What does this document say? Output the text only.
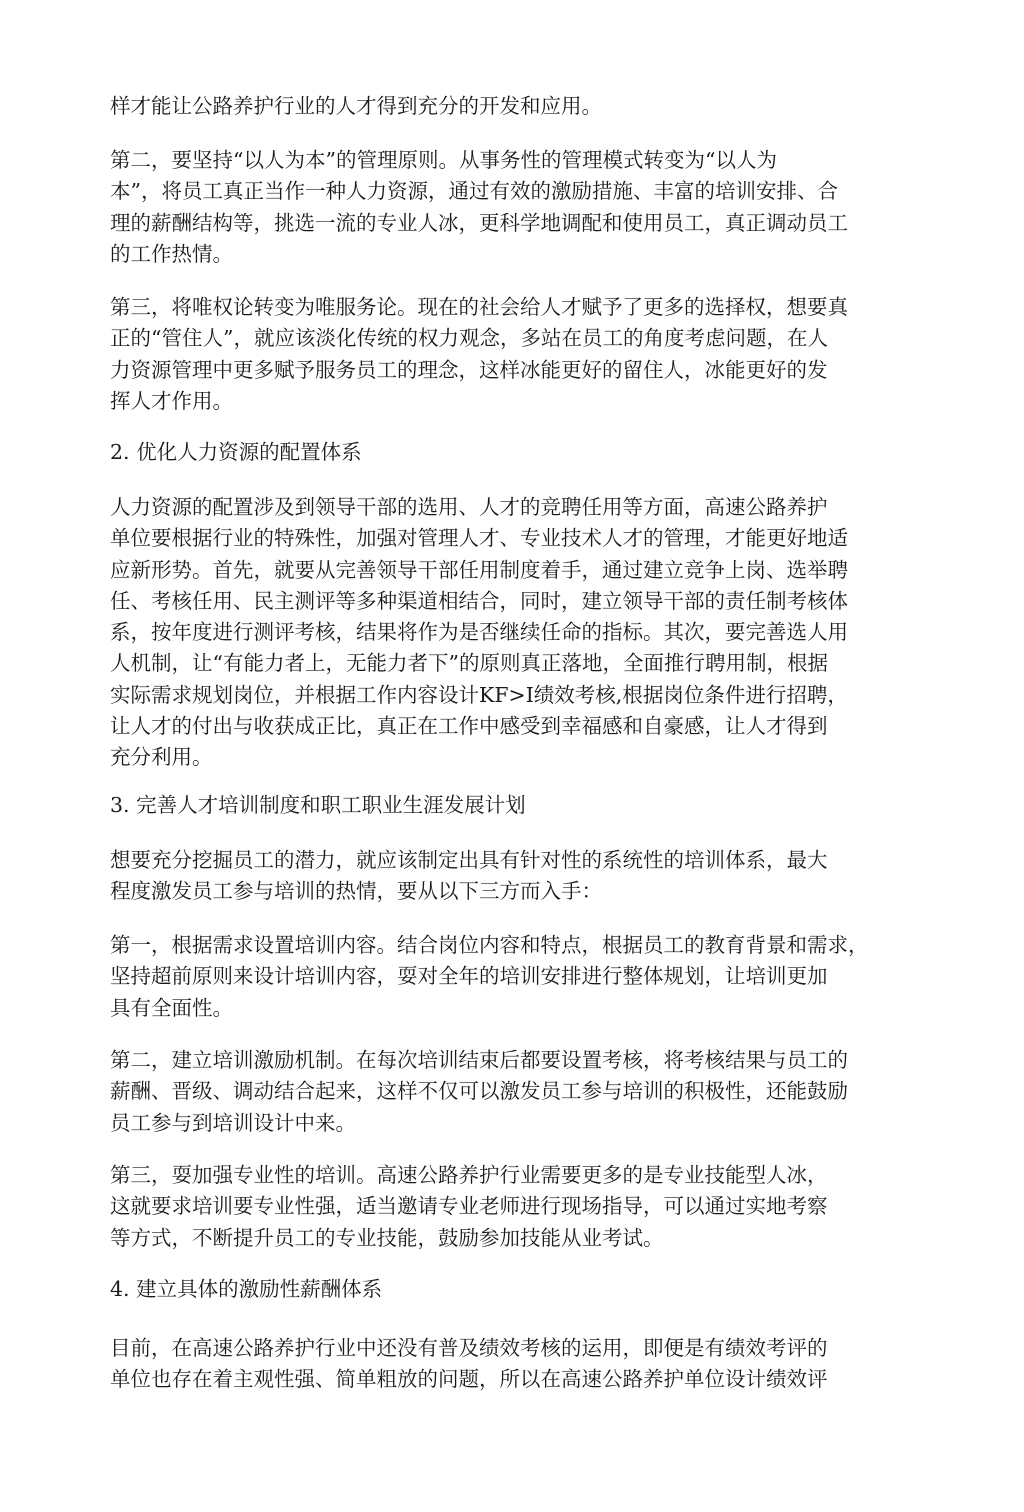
样才能让公路养护行业的人才得到充分的开发和应用。

第二，要坚持“以人为本”的管理原则。从事务性的管理模式转变为“以人为
本”，将员工真正当作一种人力资源，通过有效的激励措施、丰富的培训安排、合
理的薪酬结构等，挑选一流的专业人冰，更科学地调配和使用员工，真正调动员工
的工作热情。

第三，将唯权论转变为唯服务论。现在的社会给人才赋予了更多的选择权，想要真
正的“管住人”，就应该淡化传统的权力观念，多站在员工的角度考虑问题，在人
力资源管理中更多赋予服务员工的理念，这样冰能更好的留住人，冰能更好的发
挥人才作用。

2. 优化人力资源的配置体系

人力资源的配置涉及到领导干部的选用、人才的竞聘任用等方面，高速公路养护
单位要根据行业的特殊性，加强对管理人才、专业技术人才的管理，才能更好地适
应新形势。首先，就要从完善领导干部任用制度着手，通过建立竞争上岗、选举聘
任、考核任用、民主测评等多种渠道相结合，同时，建立领导干部的责任制考核体
系，按年度进行测评考核，结果将作为是否继续任命的指标。其次，要完善选人用
人机制，让“有能力者上，无能力者下”的原则真正落地，全面推行聘用制，根据
实际需求规划岗位，并根据工作内容设计KF>I绩效考核,根据岗位条件进行招聘，
让人才的付出与收获成正比，真正在工作中感受到幸福感和自豪感，让人才得到
充分利用。

3. 完善人才培训制度和职工职业生涯发展计划

想要充分挖掘员工的潜力，就应该制定出具有针对性的系统性的培训体系，最大
程度激发员工参与培训的热情，要从以下三方而入手：

第一，根据需求设置培训内容。结合岗位内容和特点，根据员工的教育背景和需求，
坚持超前原则来设计培训内容，耍对全年的培训安排进行整体规划，让培训更加
具有全面性。

第二，建立培训激励机制。在每次培训结束后都要设置考核，将考核结果与员工的
薪酬、晋级、调动结合起来，这样不仅可以激发员工参与培训的积极性，还能鼓励
员工参与到培训设计中来。

第三，耍加强专业性的培训。高速公路养护行业需要更多的是专业技能型人冰，
这就要求培训要专业性强，适当邀请专业老师进行现场指导，可以通过实地考察
等方式，不断提升员工的专业技能，鼓励参加技能从业考试。

4. 建立具体的激励性薪酬体系

目前，在高速公路养护行业中还没有普及绩效考核的运用，即便是有绩效考评的
单位也存在着主观性强、简单粗放的问题，所以在高速公路养护单位设计绩效评
